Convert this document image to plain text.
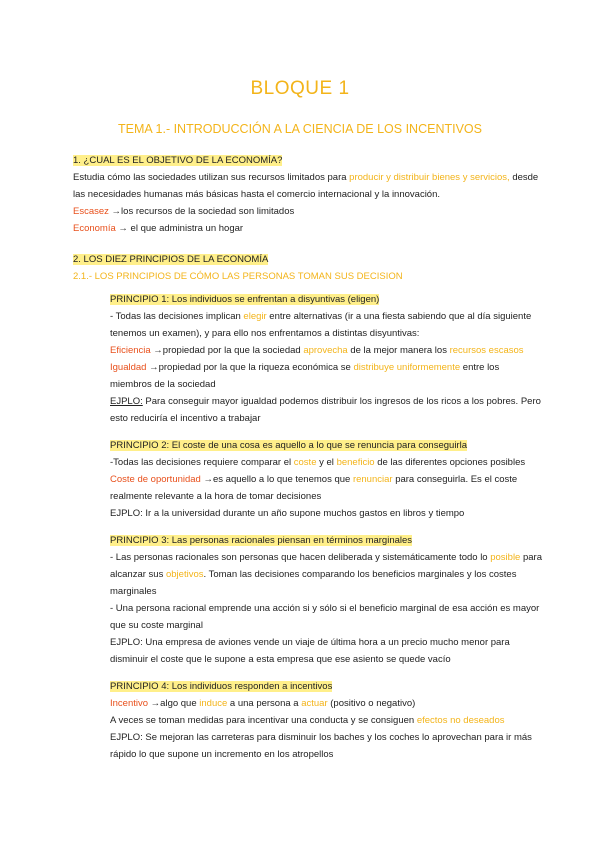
BLOQUE 1
TEMA 1.- INTRODUCCIÓN A LA CIENCIA DE LOS INCENTIVOS

1. ¿CUAL ES EL OBJETIVO DE LA ECONOMÍA?

Estudia cómo las sociedades utilizan sus recursos limitados para producir y distribuir bienes y servicios, desde las necesidades humanas más básicas hasta el comercio internacional y la innovación.

Escasez →los recursos de la sociedad son limitados

Economía → el que administra un hogar

2. LOS DIEZ PRINCIPIOS DE LA ECONOMÍA

2.1.- LOS PRINCIPIOS DE CÓMO LAS PERSONAS TOMAN SUS DECISION

PRINCIPIO 1: Los individuos se enfrentan a disyuntivas (eligen)

- Todas las decisiones implican elegir entre alternativas (ir a una fiesta sabiendo que al día siguiente tenemos un examen), y para ello nos enfrentamos a distintas disyuntivas:

Eficiencia →propiedad por la que la sociedad aprovecha de la mejor manera los recursos escasos

Igualdad →propiedad por la que la riqueza económica se distribuye uniformemente entre los miembros de la sociedad

EJPLO: Para conseguir mayor igualdad podemos distribuir los ingresos de los ricos a los pobres. Pero esto reduciría el incentivo a trabajar

PRINCIPIO 2: El coste de una cosa es aquello a lo que se renuncia para conseguirla

-Todas las decisiones requiere comparar el coste y el beneficio de las diferentes opciones posibles

Coste de oportunidad →es aquello a lo que tenemos que renunciar para conseguirla. Es el coste realmente relevante a la hora de tomar decisiones

EJPLO: Ir a la universidad durante un año supone muchos gastos en libros y tiempo

PRINCIPIO 3: Las personas racionales piensan en términos marginales

- Las personas racionales son personas que hacen deliberada y sistemáticamente todo lo posible para alcanzar sus objetivos. Toman las decisiones comparando los beneficios marginales y los costes marginales

- Una persona racional emprende una acción si y sólo si el beneficio marginal de esa acción es mayor que su coste marginal

EJPLO: Una empresa de aviones vende un viaje de última hora a un precio mucho menor para disminuir el coste que le supone a esta empresa que ese asiento se quede vacío

PRINCIPIO 4: Los individuos responden a incentivos

Incentivo →algo que induce a una persona a actuar (positivo o negativo)

A veces se toman medidas para incentivar una conducta y se consiguen efectos no deseados

EJPLO: Se mejoran las carreteras para disminuir los baches y los coches lo aprovechan para ir más rápido lo que supone un incremento en los atropellos
